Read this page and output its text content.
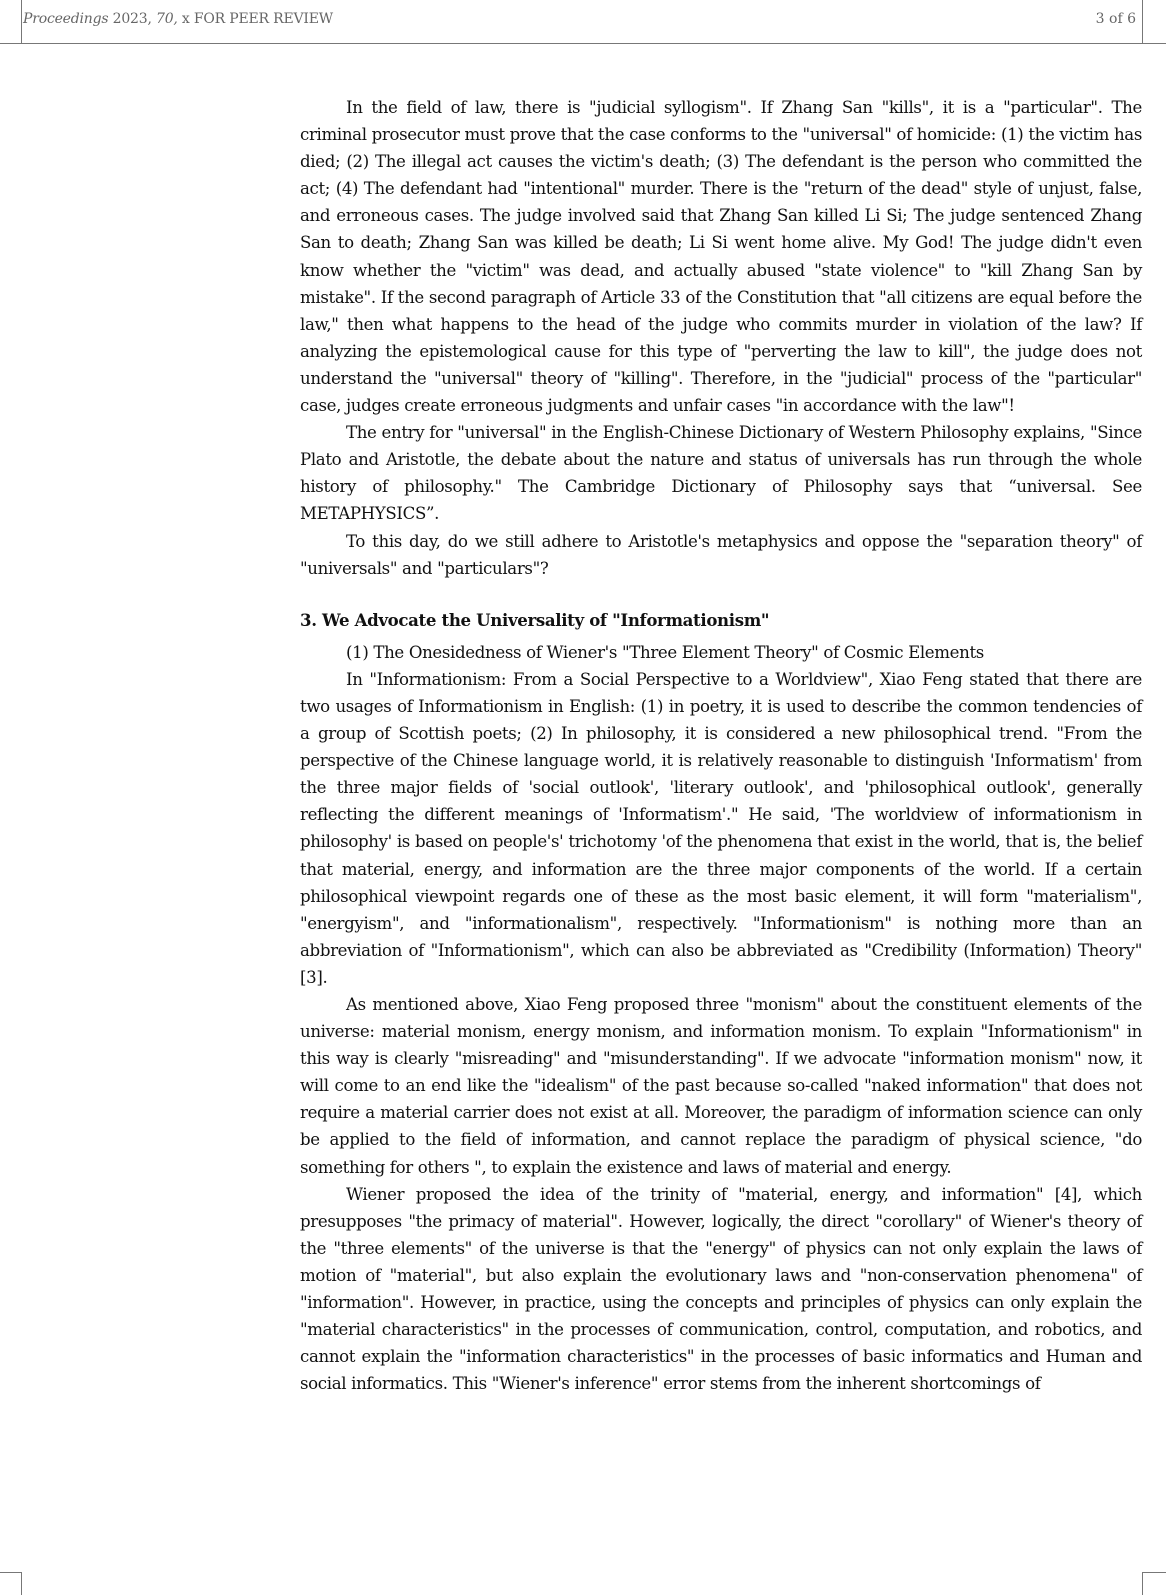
Proceedings 2023, 70, x FOR PEER REVIEW	3 of 6

In the field of law, there is "judicial syllogism". If Zhang San "kills", it is a "particular". The criminal prosecutor must prove that the case conforms to the "universal" of homicide: (1) the victim has died; (2) The illegal act causes the victim's death; (3) The defendant is the person who committed the act; (4) The defendant had "intentional" murder. There is the "return of the dead" style of unjust, false, and erroneous cases. The judge involved said that Zhang San killed Li Si; The judge sentenced Zhang San to death; Zhang San was killed be death; Li Si went home alive. My God! The judge didn't even know whether the "victim" was dead, and actually abused "state violence" to "kill Zhang San by mistake". If the second paragraph of Article 33 of the Constitution that "all citizens are equal before the law," then what happens to the head of the judge who commits murder in violation of the law? If analyzing the epistemological cause for this type of "perverting the law to kill", the judge does not understand the "universal" theory of "killing". Therefore, in the "judicial" process of the "particular" case, judges create erroneous judgments and unfair cases "in accordance with the law"!

The entry for "universal" in the English-Chinese Dictionary of Western Philosophy explains, "Since Plato and Aristotle, the debate about the nature and status of universals has run through the whole history of philosophy." The Cambridge Dictionary of Philosophy says that “universal. See METAPHYSICS”.

To this day, do we still adhere to Aristotle's metaphysics and oppose the "separation theory" of "universals" and "particulars"?

3. We Advocate the Universality of "Informationism"

(1) The Onesidedness of Wiener's "Three Element Theory" of Cosmic Elements

In "Informationism: From a Social Perspective to a Worldview", Xiao Feng stated that there are two usages of Informationism in English: (1) in poetry, it is used to describe the common tendencies of a group of Scottish poets; (2) In philosophy, it is considered a new philosophical trend. "From the perspective of the Chinese language world, it is relatively reasonable to distinguish 'Informatism' from the three major fields of 'social outlook', 'literary outlook', and 'philosophical outlook', generally reflecting the different meanings of 'Informatism'." He said, 'The worldview of informationism in philosophy' is based on people's' trichotomy 'of the phenomena that exist in the world, that is, the belief that material, energy, and information are the three major components of the world. If a certain philosophical viewpoint regards one of these as the most basic element, it will form "materialism", "energyism", and "informationalism", respectively. "Informationism" is nothing more than an abbreviation of "Informationism", which can also be abbreviated as "Credibility (Information) Theory" [3].

As mentioned above, Xiao Feng proposed three "monism" about the constituent elements of the universe: material monism, energy monism, and information monism. To explain "Informationism" in this way is clearly "misreading" and "misunderstanding". If we advocate "information monism" now, it will come to an end like the "idealism" of the past because so-called "naked information" that does not require a material carrier does not exist at all. Moreover, the paradigm of information science can only be applied to the field of information, and cannot replace the paradigm of physical science, "do something for others ", to explain the existence and laws of material and energy.

Wiener proposed the idea of the trinity of "material, energy, and information" [4], which presupposes "the primacy of material". However, logically, the direct "corollary" of Wiener's theory of the "three elements" of the universe is that the "energy" of physics can not only explain the laws of motion of "material", but also explain the evolutionary laws and "non-conservation phenomena" of "information". However, in practice, using the concepts and principles of physics can only explain the "material characteristics" in the processes of communication, control, computation, and robotics, and cannot explain the "information characteristics" in the processes of basic informatics and Human and social informatics. This "Wiener's inference" error stems from the inherent shortcomings of
